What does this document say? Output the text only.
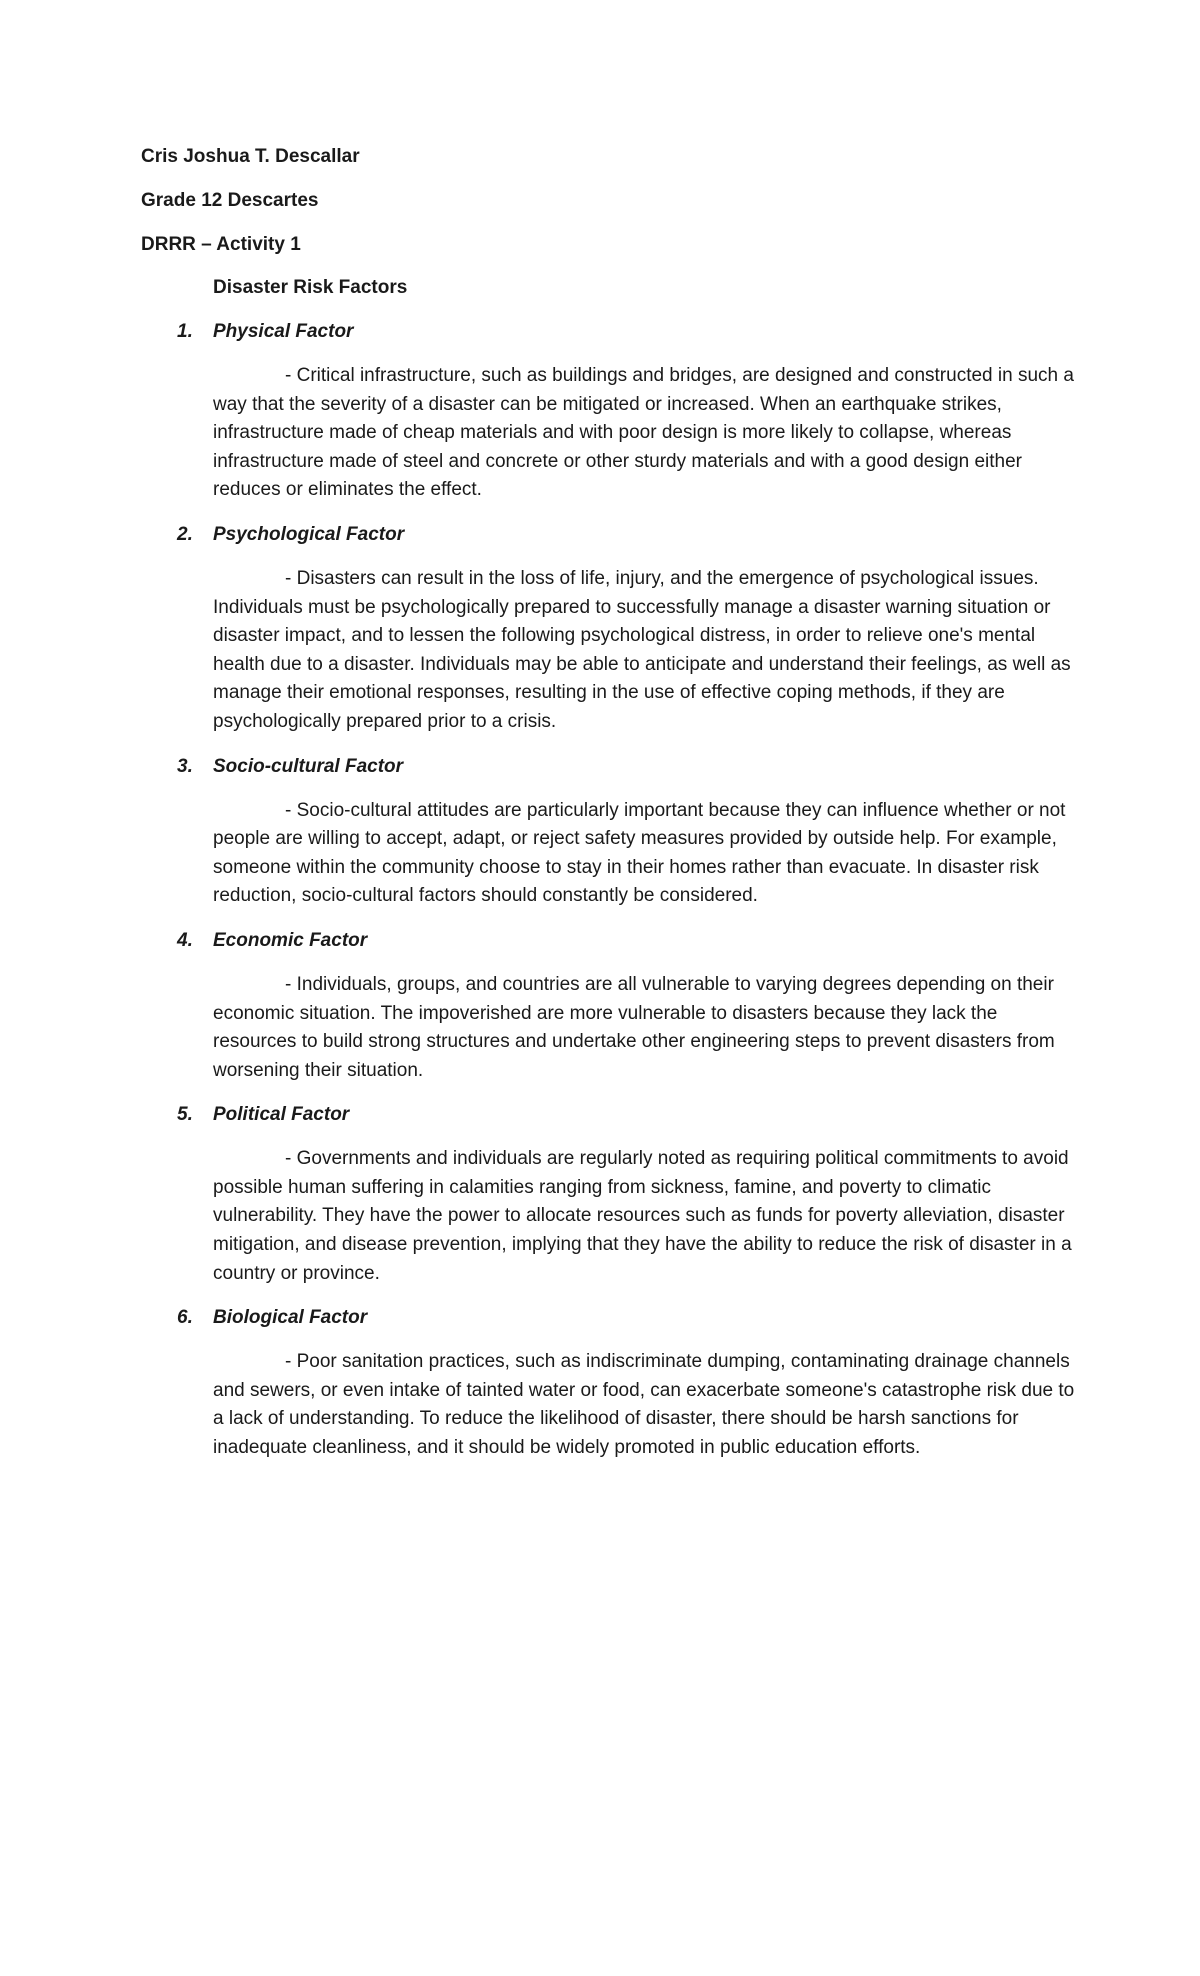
Cris Joshua T. Descallar

Grade 12 Descartes

DRRR – Activity 1

Disaster Risk Factors

1. Physical Factor

- Critical infrastructure, such as buildings and bridges, are designed and constructed in such a way that the severity of a disaster can be mitigated or increased. When an earthquake strikes, infrastructure made of cheap materials and with poor design is more likely to collapse, whereas infrastructure made of steel and concrete or other sturdy materials and with a good design either reduces or eliminates the effect.

2. Psychological Factor

- Disasters can result in the loss of life, injury, and the emergence of psychological issues. Individuals must be psychologically prepared to successfully manage a disaster warning situation or disaster impact, and to lessen the following psychological distress, in order to relieve one's mental health due to a disaster. Individuals may be able to anticipate and understand their feelings, as well as manage their emotional responses, resulting in the use of effective coping methods, if they are psychologically prepared prior to a crisis.

3. Socio-cultural Factor

- Socio-cultural attitudes are particularly important because they can influence whether or not people are willing to accept, adapt, or reject safety measures provided by outside help. For example, someone within the community choose to stay in their homes rather than evacuate. In disaster risk reduction, socio-cultural factors should constantly be considered.

4. Economic Factor

- Individuals, groups, and countries are all vulnerable to varying degrees depending on their economic situation. The impoverished are more vulnerable to disasters because they lack the resources to build strong structures and undertake other engineering steps to prevent disasters from worsening their situation.

5. Political Factor

- Governments and individuals are regularly noted as requiring political commitments to avoid possible human suffering in calamities ranging from sickness, famine, and poverty to climatic vulnerability. They have the power to allocate resources such as funds for poverty alleviation, disaster mitigation, and disease prevention, implying that they have the ability to reduce the risk of disaster in a country or province.

6. Biological Factor

- Poor sanitation practices, such as indiscriminate dumping, contaminating drainage channels and sewers, or even intake of tainted water or food, can exacerbate someone's catastrophe risk due to a lack of understanding. To reduce the likelihood of disaster, there should be harsh sanctions for inadequate cleanliness, and it should be widely promoted in public education efforts.
